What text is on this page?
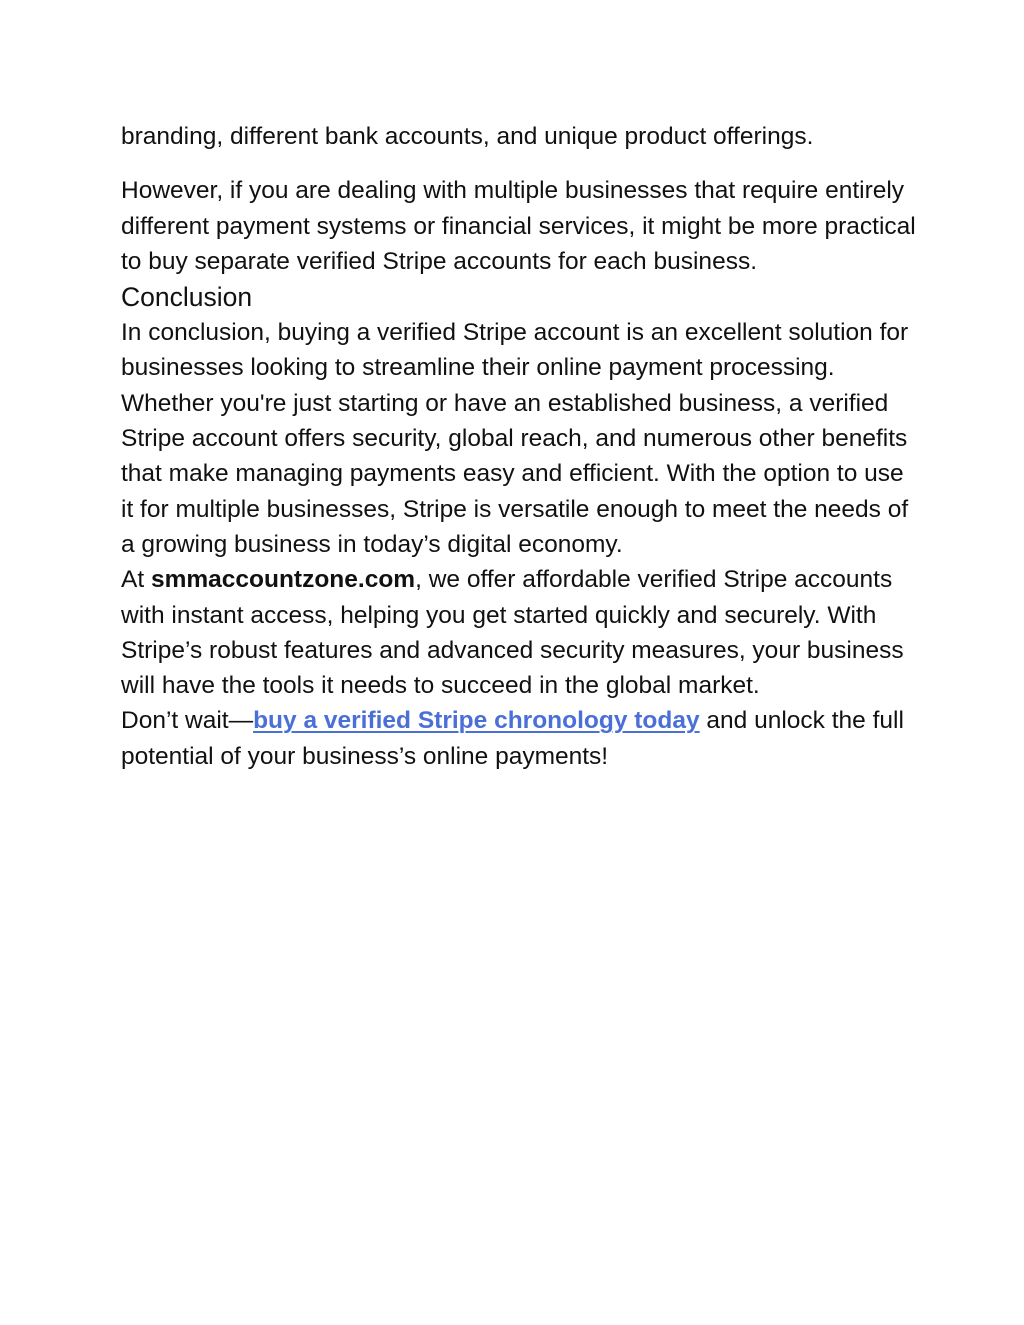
branding, different bank accounts, and unique product offerings.

However, if you are dealing with multiple businesses that require entirely different payment systems or financial services, it might be more practical to buy separate verified Stripe accounts for each business.

Conclusion

In conclusion, buying a verified Stripe account is an excellent solution for businesses looking to streamline their online payment processing. Whether you're just starting or have an established business, a verified Stripe account offers security, global reach, and numerous other benefits that make managing payments easy and efficient. With the option to use it for multiple businesses, Stripe is versatile enough to meet the needs of a growing business in today’s digital economy.

At smmaccountzone.com, we offer affordable verified Stripe accounts with instant access, helping you get started quickly and securely. With Stripe’s robust features and advanced security measures, your business will have the tools it needs to succeed in the global market.

Don’t wait—buy a verified Stripe chronology today and unlock the full potential of your business’s online payments!
